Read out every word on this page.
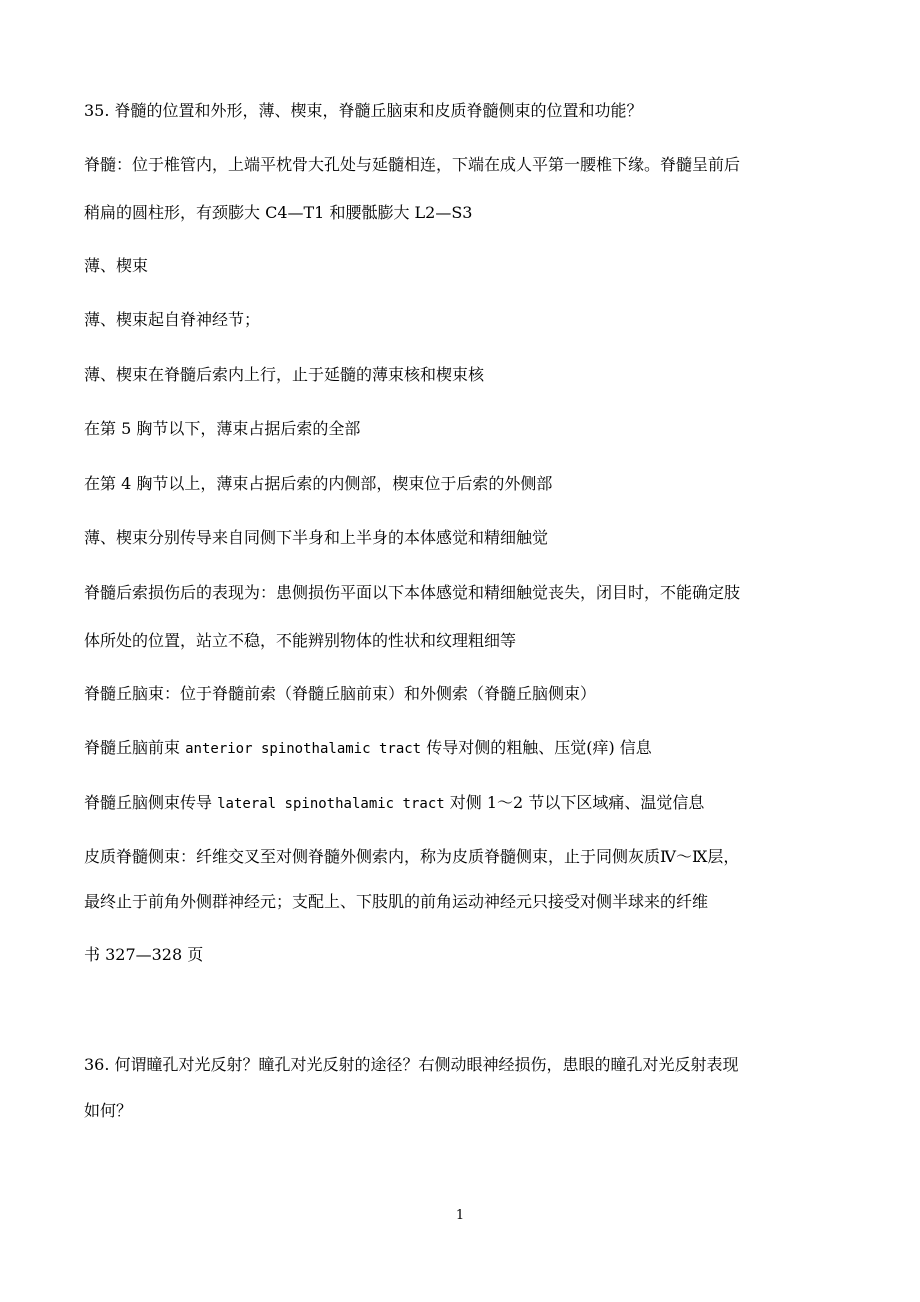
35. 脊髓的位置和外形，薄、楔束，脊髓丘脑束和皮质脊髓侧束的位置和功能？
脊髓：位于椎管内，上端平枕骨大孔处与延髓相连，下端在成人平第一腰椎下缘。脊髓呈前后
稍扁的圆柱形，有颈膨大 C4—T1 和腰骶膨大 L2—S3
薄、楔束
薄、楔束起自脊神经节；
薄、楔束在脊髓后索内上行，止于延髓的薄束核和楔束核
在第 5 胸节以下，薄束占据后索的全部
在第 4 胸节以上，薄束占据后索的内侧部，楔束位于后索的外侧部
薄、楔束分别传导来自同侧下半身和上半身的本体感觉和精细触觉
脊髓后索损伤后的表现为：患侧损伤平面以下本体感觉和精细触觉丧失，闭目时，不能确定肢
体所处的位置，站立不稳，不能辨别物体的性状和纹理粗细等
脊髓丘脑束：位于脊髓前索（脊髓丘脑前束）和外侧索（脊髓丘脑侧束）
脊髓丘脑前束 anterior spinothalamic tract 传导对侧的粗触、压觉(痒) 信息
脊髓丘脑侧束传导 lateral spinothalamic tract 对侧 1～2 节以下区域痛、温觉信息
皮质脊髓侧束：纤维交叉至对侧脊髓外侧索内，称为皮质脊髓侧束，止于同侧灰质Ⅳ～Ⅸ层，
最终止于前角外侧群神经元；支配上、下肢肌的前角运动神经元只接受对侧半球来的纤维
书 327—328 页
36. 何谓瞳孔对光反射？瞳孔对光反射的途径？右侧动眼神经损伤，患眼的瞳孔对光反射表现
如何？
1
